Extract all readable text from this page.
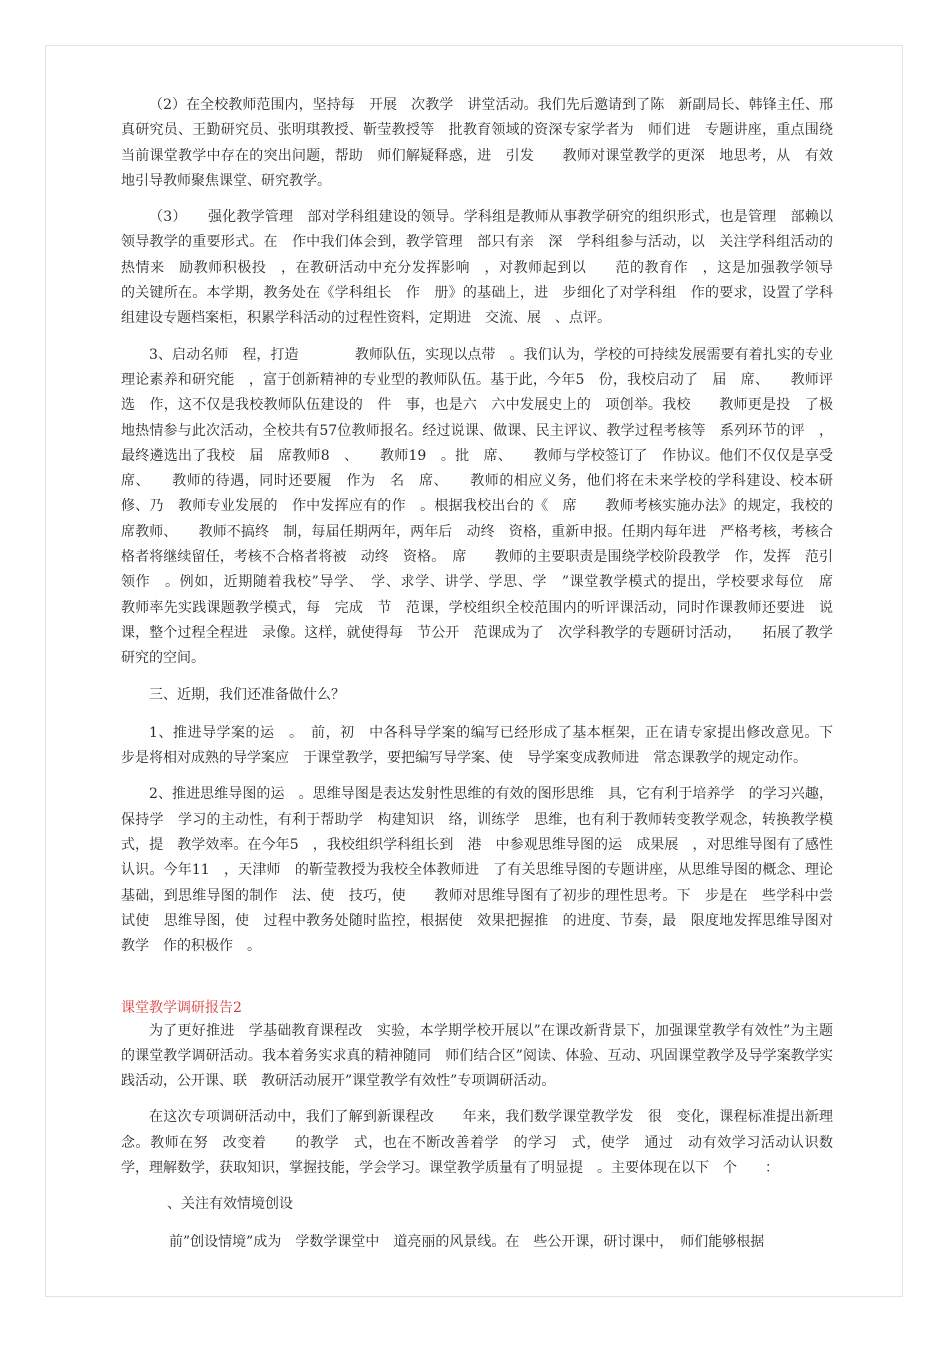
（2）在全校教师范围内，坚持每　开展　次教学　讲堂活动。我们先后邀请到了陈　新副局长、韩锋主任、邢真研究员、王勤研究员、张明琪教授、靳莹教授等　批教育领域的资深专家学者为　师们进　专题讲座，重点围绕当前课堂教学中存在的突出问题，帮助　师们解疑释惑，进　引发　　教师对课堂教学的更深　地思考，从　有效地引导教师聚焦课堂、研究教学。

（3）　　强化教学管理　部对学科组建设的领导。学科组是教师从事教学研究的组织形式，也是管理　部赖以领导教学的重要形式。在　作中我们体会到，教学管理　部只有亲　深　学科组参与活动，以　关注学科组活动的热情来　励教师积极投　，在教研活动中充分发挥影响　，对教师起到以　　范的教育作　，这是加强教学领导　的关键所在。本学期，教务处在《学科组长　作　册》的基础上，进　步细化了对学科组　作的要求，设置了学科组建设专题档案柜，积累学科活动的过程性资料，定期进　交流、展　、点评。

3、启动名师　程，打造　　　　教师队伍，实现以点带　。我们认为，学校的可持续发展需要有着扎实的专业理论素养和研究能　，富于创新精神的专业型的教师队伍。基于此，今年5　份，我校启动了　届　席、　　教师评选　作，这不仅是我校教师队伍建设的　件　事，也是六　六中发展史上的　项创举。我校　　教师更是投　了极　地热情参与此次活动，全校共有57位教师报名。经过说课、做课、民主评议、教学过程考核等　系列环节的评　，最终遴选出了我校　届　席教师8　、　　教师19　。批　席、　　教师与学校签订了　作协议。他们不仅仅是享受　席、　　教师的待遇，同时还要履　作为　名　席、　　教师的相应义务，他们将在未来学校的学科建设、校本研修、乃　教师专业发展的　作中发挥应有的作　。根据我校出台的《　席　　教师考核实施办法》的规定，我校的　席教师、　　教师不搞终　制，每届任期两年，两年后　动终　资格，重新申报。任期内每年进　严格考核，考核合格者将继续留任，考核不合格者将被　动终　资格。　席　　教师的主要职责是围绕学校阶段教学　作，发挥　范引领作　。例如，近期随着我校”导学、　学、求学、讲学、学思、学　”课堂教学模式的提出，学校要求每位　席　　教师率先实践课题教学模式，每　完成　节　范课，学校组织全校范围内的听评课活动，同时作课教师还要进　说课，整个过程全程进　录像。这样，就使得每　节公开　范课成为了　次学科教学的专题研讨活动，　　拓展了教学研究的空间。

三、近期，我们还准备做什么？

1、推进导学案的运　。　前，初　中各科导学案的编写已经形成了基本框架，正在请专家提出修改意见。下　步是将相对成熟的导学案应　于课堂教学，要把编写导学案、使　导学案变成教师进　常态课教学的规定动作。

2、推进思维导图的运　。思维导图是表达发射性思维的有效的图形思维　具，它有利于培养学　的学习兴趣，保持学　学习的主动性，有利于帮助学　构建知识　络，训练学　思维，也有利于教师转变教学观念，转换教学模式，提　教学效率。在今年5　，我校组织学科组长到　港　中参观思维导图的运　成果展　，对思维导图有了感性认识。今年11　，天津师　的靳莹教授为我校全体教师进　了有关思维导图的专题讲座，从思维导图的概念、理论基础，到思维导图的制作　法、使　技巧，使　　教师对思维导图有了初步的理性思考。下　步是在　些学科中尝试使　思维导图，使　过程中教务处随时监控，根据使　效果把握推　的进度、节奏，最　限度地发挥思维导图对教学　作的积极作　。

课堂教学调研报告2

为了更好推进　学基础教育课程改　实验，本学期学校开展以”在课改新背景下，加强课堂教学有效性”为主题的课堂教学调研活动。我本着务实求真的精神随同　师们结合区”阅读、体验、互动、巩固课堂教学及导学案教学实践活动，公开课、联　教研活动展开”课堂教学有效性”专项调研活动。

在这次专项调研活动中，我们了解到新课程改　　年来，我们数学课堂教学发　很　变化，课程标准提出新理念。教师在努　改变着　　的教学　式，也在不断改善着学　的学习　式，使学　通过　动有效学习活动认识数学，理解数学，获取知识，掌握技能，学会学习。课堂教学质量有了明显提　。主要体现在以下　个　　：

、关注有效情境创设

前”创设情境”成为　学数学课堂中　道亮丽的风景线。在　些公开课，研讨课中，　师们能够根据
